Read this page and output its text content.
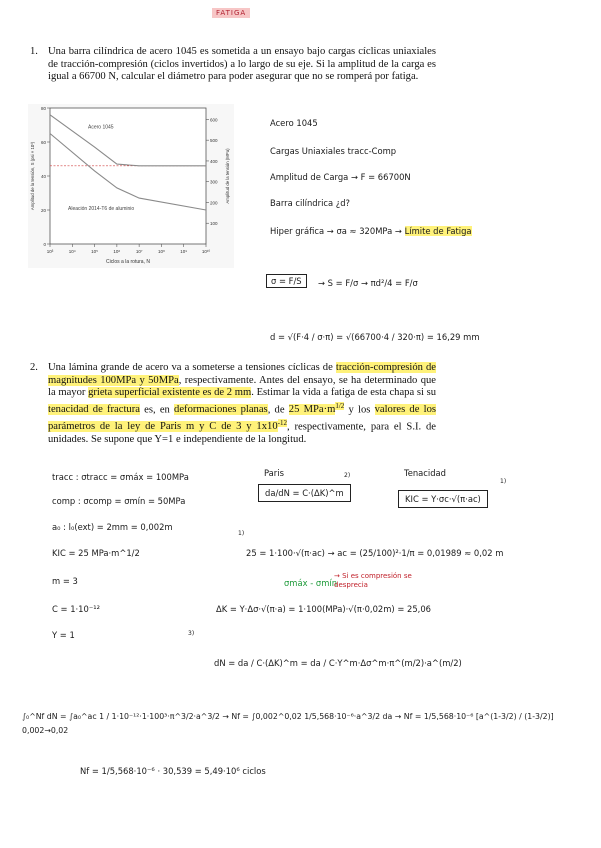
FATIGA
1. Una barra cilíndrica de acero 1045 es sometida a un ensayo bajo cargas cíclicas uniaxiales de tracción-compresión (ciclos invertidos) a lo largo de su eje. Si la amplitud de la carga es igual a 66700 N, calcular el diámetro para poder asegurar que no se romperá por fatiga.
0
20
40
60
80
100
200
300
400
500
600
10³	10⁴	10⁵	10⁶	10⁷	10⁸	10⁹	10¹⁰
Acero 1045
Aleación 2014-T6 de aluminio
Ciclos a la rotura, N
Amplitud de la tensión, S (psi × 10³)	Amplitud de la tensión (MPa)
Acero 1045
Cargas Uniaxiales tracc-Comp
Amplitud de Carga → F = 66700N
Barra cilíndrica ¿d?
Hiper gráfica → σa ≈ 320MPa → Límite de Fatiga
σ = F/S	→ S = F/σ → πd²/4 = F/σ
d = √(F·4 / σ·π) = √(66700·4 / 320·π) = 16,29 mm
2. Una lámina grande de acero va a someterse a tensiones cíclicas de tracción-compresión de magnitudes 100MPa y 50MPa, respectivamente. Antes del ensayo, se ha determinado que la mayor grieta superficial existente es de 2 mm. Estimar la vida a fatiga de esta chapa si su tenacidad de fractura es, en deformaciones planas, de 25 $MPa\cdot m^{1/2}$ y los valores de los parámetros de la ley de Paris m y C de 3 y $1x10^{-12}$, respectivamente, para el S.I. de unidades. Se supone que Y=1 e independiente de la longitud.
tracc : σtracc = σmáx = 100MPa
comp : σcomp = σmín = 50MPa
a₀ : l₀(ext) = 2mm = 0,002m
KIC = 25 MPa·m^1/2
m = 3
C = 1·10⁻¹²
Y = 1
Paris	2)
da/dN = C·(ΔK)^m
Tenacidad
1)
KIC = Y·σc·√(π·ac)
1)
25 = 1·100·√(π·ac) → ac = (25/100)²·1/π = 0,01989 ≈ 0,02 m
σmáx - σmín
→ Si es compresión se desprecia
3)
ΔK = Y·Δσ·√(π·a) = 1·100(MPa)·√(π·0,02m) = 25,06
dN = da / C·(ΔK)^m = da / C·Y^m·Δσ^m·π^(m/2)·a^(m/2)
∫₀^Nf dN = ∫a₀^ac 1 / 1·10⁻¹²·1·100³·π^3/2·a^3/2 → Nf = ∫0,002^0,02 1/5,568·10⁻⁶·a^3/2 da → Nf = 1/5,568·10⁻⁶ [a^(1-3/2) / (1-3/2)] 0,002→0,02
Nf = 1/5,568·10⁻⁶ · 30,539 = 5,49·10⁶ ciclos
